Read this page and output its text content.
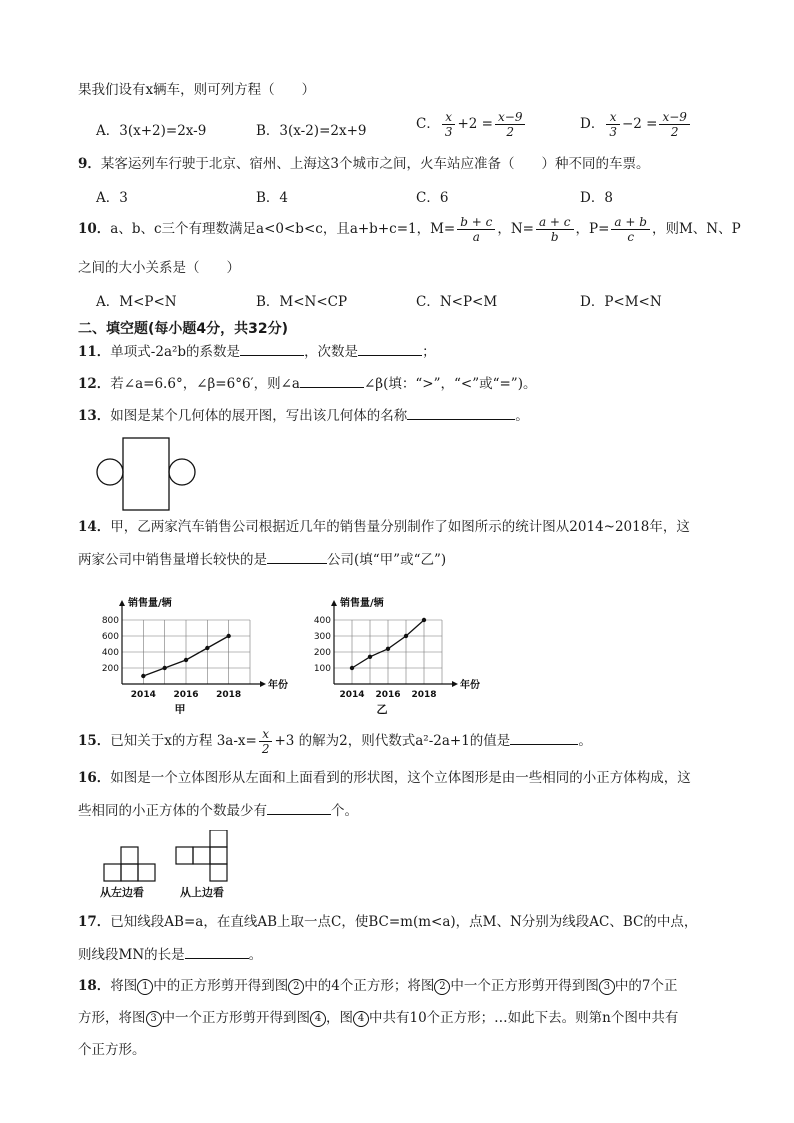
果我们设有x辆车，则可列方程（　　）
A．3(x+2)=2x-9	B．3(x-2)=2x+9	C． $\frac{x}{3} +2 = \frac{x-9}{2}$	D． $\frac{x}{3} -2 = \frac{x-9}{2}$
9．某客运列车行驶于北京、宿州、上海这3个城市之间，火车站应准备（　　）种不同的车票。
A．3	B．4	C．6	D．8
10．a、b、c三个有理数满足a<0<b<c，且a+b+c=1，$M= \frac{b + c}{a}$ ，$N= \frac{a + c}{b}$ ，$P= \frac{a + b}{c}$ ，则M、N、P
之间的大小关系是（　　）
A．M<P<N	B．M<N<CP	C．N<P<M	D．P<M<N
二、填空题(每小题4分，共32分)
11．单项式-2a²b的系数是	，次数是	；
12．若∠a=6.6°，∠β=6°6′，则∠a	∠β(填：“>”，“<”或“=”)。
13．如图是某个几何体的展开图，写出该几何体的名称	。
14．甲，乙两家汽车销售公司根据近几年的销售量分别制作了如图所示的统计图从2014~2018年，这
两家公司中销售量增长较快的是	公司(填“甲”或“乙”)
200
400
600
800
2014 2016 2018
销售量/辆
年份
甲
100
200
300
400
2014 2016 2018
销售量/辆
年份
乙
15．已知关于x的方程 $3a-x= \frac{x}{2} +3$ 的解为2，则代数式a²-2a+1的值是	。
16．如图是一个立体图形从左面和上面看到的形状图，这个立体图形是由一些相同的小正方体构成，这
些相同的小正方体的个数最少有	个。
从左边看	从上边看
17．已知线段AB=a，在直线AB上取一点C，使BC=m(m<a)，点M、N分别为线段AC、BC的中点，
则线段MN的长是	。
18．将图 1 中的正方形剪开得到图 2 中的4个正方形；将图 2 中一个正方形剪开得到图 3 中的7个正
方形，将图 3 中一个正方形剪开得到图 4 ，图 4 中共有10个正方形；…如此下去。则第n个图中共有
个正方形。
